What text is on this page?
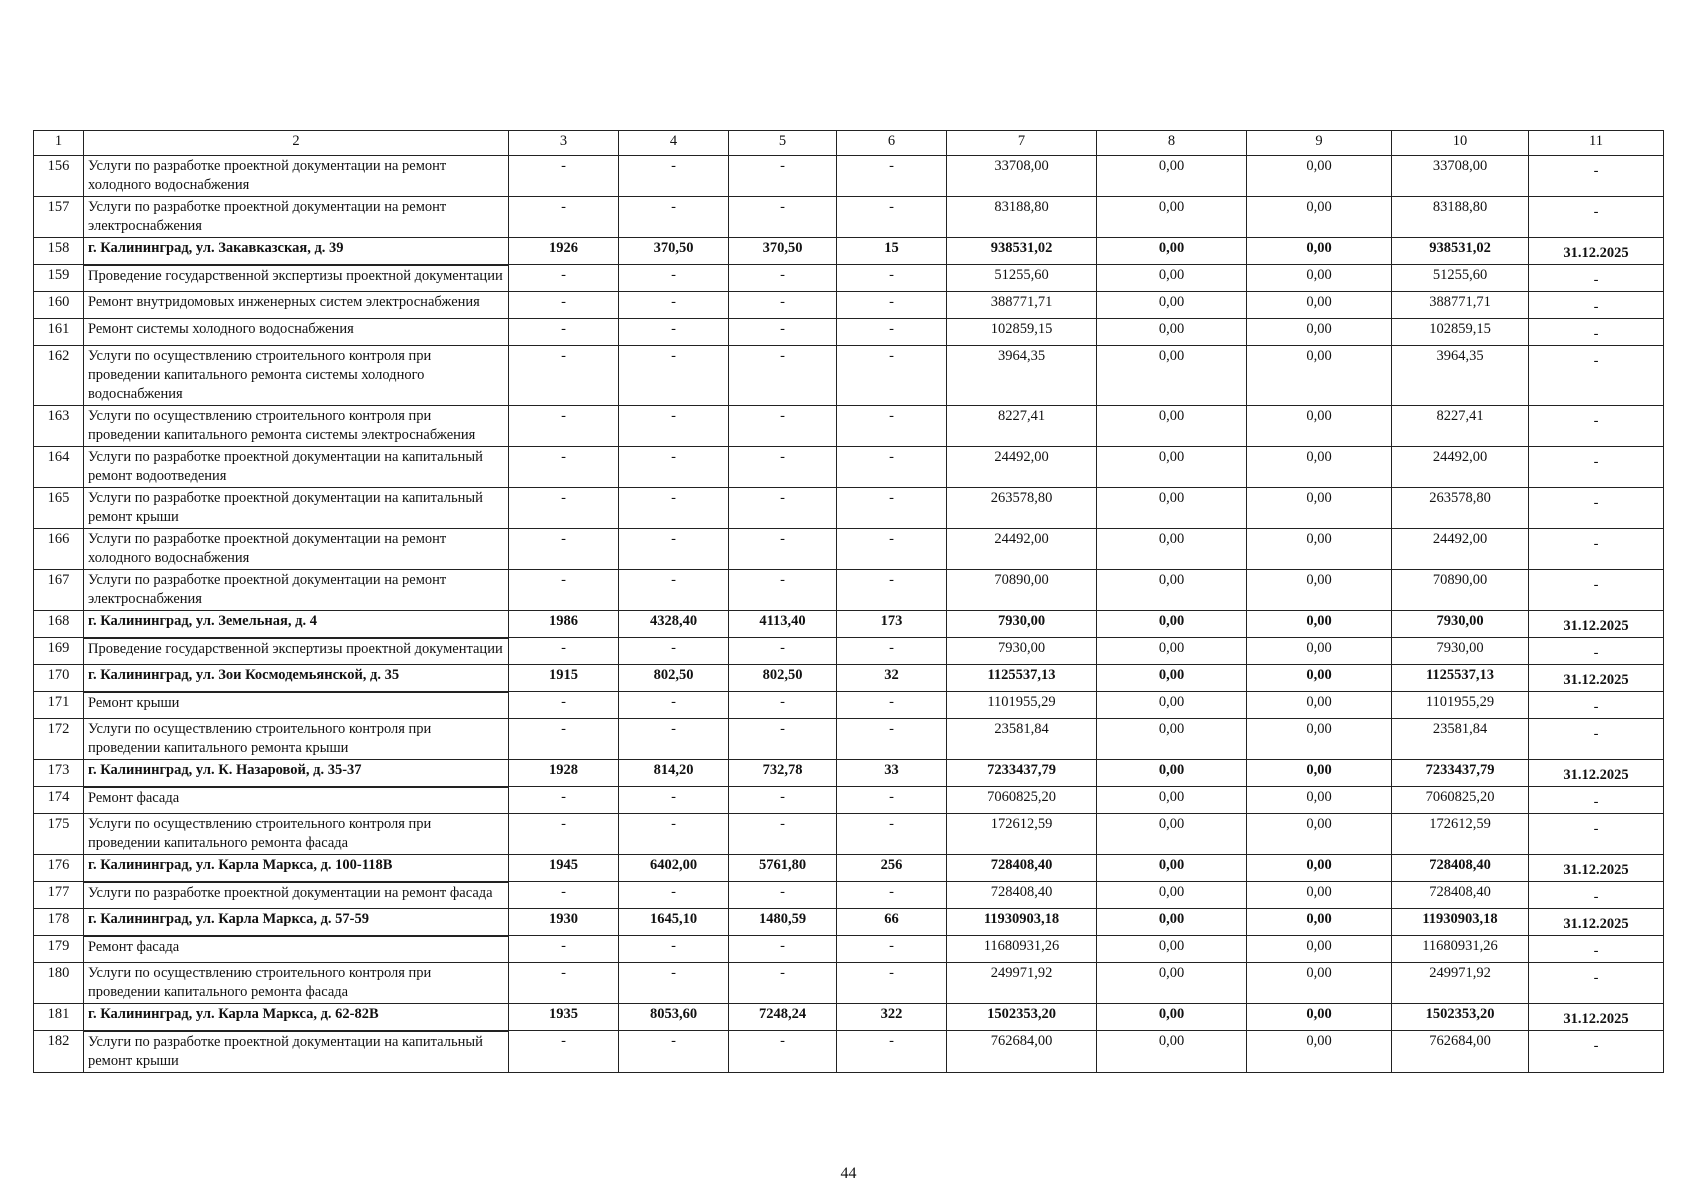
1	2	3	4	5	6	7	8	9	10	11
156	Услуги по разработке проектной документации на ремонт холодного водоснабжения	-	-	-	-	33708,00	0,00	0,00	33708,00	-
157	Услуги по разработке проектной документации на ремонт электроснабжения	-	-	-	-	83188,80	0,00	0,00	83188,80	-
158	г. Калининград, ул. Закавказская, д. 39	1926	370,50	370,50	15	938531,02	0,00	0,00	938531,02	31.12.2025
159	Проведение государственной экспертизы проектной документации	-	-	-	-	51255,60	0,00	0,00	51255,60	-
160	Ремонт внутридомовых инженерных систем электроснабжения	-	-	-	-	388771,71	0,00	0,00	388771,71	-
161	Ремонт системы холодного водоснабжения	-	-	-	-	102859,15	0,00	0,00	102859,15	-
162	Услуги по осуществлению строительного контроля при проведении капитального ремонта системы холодного водоснабжения	-	-	-	-	3964,35	0,00	0,00	3964,35	-
163	Услуги по осуществлению строительного контроля при проведении капитального ремонта системы электроснабжения	-	-	-	-	8227,41	0,00	0,00	8227,41	-
164	Услуги по разработке проектной документации на капитальный ремонт водоотведения	-	-	-	-	24492,00	0,00	0,00	24492,00	-
165	Услуги по разработке проектной документации на капитальный ремонт крыши	-	-	-	-	263578,80	0,00	0,00	263578,80	-
166	Услуги по разработке проектной документации на ремонт холодного водоснабжения	-	-	-	-	24492,00	0,00	0,00	24492,00	-
167	Услуги по разработке проектной документации на ремонт электроснабжения	-	-	-	-	70890,00	0,00	0,00	70890,00	-
168	г. Калининград, ул. Земельная, д. 4	1986	4328,40	4113,40	173	7930,00	0,00	0,00	7930,00	31.12.2025
169	Проведение государственной экспертизы проектной документации	-	-	-	-	7930,00	0,00	0,00	7930,00	-
170	г. Калининград, ул. Зои Космодемьянской, д. 35	1915	802,50	802,50	32	1125537,13	0,00	0,00	1125537,13	31.12.2025
171	Ремонт крыши	-	-	-	-	1101955,29	0,00	0,00	1101955,29	-
172	Услуги по осуществлению строительного контроля при проведении капитального ремонта крыши	-	-	-	-	23581,84	0,00	0,00	23581,84	-
173	г. Калининград, ул. К. Назаровой, д. 35-37	1928	814,20	732,78	33	7233437,79	0,00	0,00	7233437,79	31.12.2025
174	Ремонт фасада	-	-	-	-	7060825,20	0,00	0,00	7060825,20	-
175	Услуги по осуществлению строительного контроля при проведении капитального ремонта фасада	-	-	-	-	172612,59	0,00	0,00	172612,59	-
176	г. Калининград, ул. Карла Маркса, д. 100-118В	1945	6402,00	5761,80	256	728408,40	0,00	0,00	728408,40	31.12.2025
177	Услуги по разработке проектной документации на ремонт фасада	-	-	-	-	728408,40	0,00	0,00	728408,40	-
178	г. Калининград, ул. Карла Маркса, д. 57-59	1930	1645,10	1480,59	66	11930903,18	0,00	0,00	11930903,18	31.12.2025
179	Ремонт фасада	-	-	-	-	11680931,26	0,00	0,00	11680931,26	-
180	Услуги по осуществлению строительного контроля при проведении капитального ремонта фасада	-	-	-	-	249971,92	0,00	0,00	249971,92	-
181	г. Калининград, ул. Карла Маркса, д. 62-82В	1935	8053,60	7248,24	322	1502353,20	0,00	0,00	1502353,20	31.12.2025
182	Услуги по разработке проектной документации на капитальный ремонт крыши	-	-	-	-	762684,00	0,00	0,00	762684,00	-
44
